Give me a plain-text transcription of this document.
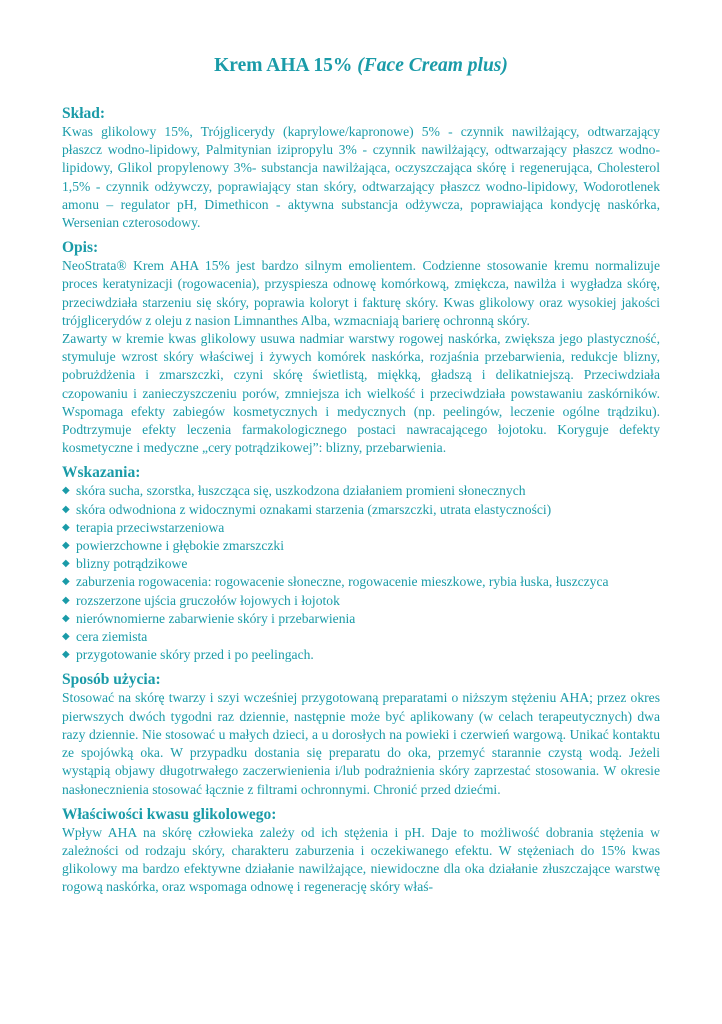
Krem AHA 15% (Face Cream plus)
Skład:

Kwas glikolowy 15%, Trójglicerydy (kaprylowe/kapronowe) 5% - czynnik nawilżający, odtwarzający płaszcz wodno-lipidowy, Palmitynian izipropylu 3% - czynnik nawilżający, odtwarzający płaszcz wodno-lipidowy, Glikol propylenowy 3%- substancja nawilżająca, oczyszczająca skórę i regenerująca, Cholesterol 1,5% - czynnik odżywczy, poprawiający stan skóry, odtwarzający płaszcz wodno-lipidowy, Wodorotlenek amonu – regulator pH, Dimethicon - aktywna substancja odżywcza, poprawiająca kondycję naskórka, Wersenian czterosodowy.

Opis:

NeoStrata® Krem AHA 15% jest bardzo silnym emolientem. Codzienne stosowanie kremu normalizuje proces keratynizacji (rogowacenia), przyspiesza odnowę komórkową, zmiękcza, nawilża i wygładza skórę, przeciwdziała starzeniu się skóry, poprawia koloryt i fakturę skóry. Kwas glikolowy oraz wysokiej jakości trójglicerydów z oleju z nasion Limnanthes Alba, wzmacniają barierę ochronną skóry.

Zawarty w kremie kwas glikolowy usuwa nadmiar warstwy rogowej naskórka, zwiększa jego plastyczność, stymuluje wzrost skóry właściwej i żywych komórek naskórka, rozjaśnia przebarwienia, redukcje blizny, pobrużdżenia i zmarszczki, czyni skórę świetlistą, miękką, gładszą i delikatniejszą. Przeciwdziała czopowaniu i zanieczyszczeniu porów, zmniejsza ich wielkość i przeciwdziała powstawaniu zaskórników. Wspomaga efekty zabiegów kosmetycznych i medycznych (np. peelingów, leczenie ogólne trądziku). Podtrzymuje efekty leczenia farmakologicznego postaci nawracającego łojotoku. Koryguje defekty kosmetyczne i medyczne „cery potrądzikowej”: blizny, przebarwienia.

Wskazania:
◆ skóra sucha, szorstka, łuszcząca się, uszkodzona działaniem promieni słonecznych
◆ skóra odwodniona z widocznymi oznakami starzenia (zmarszczki, utrata elastyczności)
◆ terapia przeciwstarzeniowa
◆ powierzchowne i głębokie zmarszczki
◆ blizny potrądzikowe
◆ zaburzenia rogowacenia: rogowacenie słoneczne, rogowacenie mieszkowe, rybia łuska, łuszczyca
◆ rozszerzone ujścia gruczołów łojowych i łojotok
◆ nierównomierne zabarwienie skóry i przebarwienia
◆ cera ziemista
◆ przygotowanie skóry przed i po peelingach.
Sposób użycia:

Stosować na skórę twarzy i szyi wcześniej przygotowaną preparatami o niższym stężeniu AHA; przez okres pierwszych dwóch tygodni raz dziennie, następnie może być aplikowany (w celach terapeutycznych) dwa razy dziennie. Nie stosować u małych dzieci, a u dorosłych na powieki i czerwień wargową. Unikać kontaktu ze spojówką oka. W przypadku dostania się preparatu do oka, przemyć starannie czystą wodą. Jeżeli wystąpią objawy długotrwałego zaczerwienienia i/lub podrażnienia skóry zaprzestać stosowania. W okresie nasłonecznienia stosować łącznie z filtrami ochronnymi. Chronić przed dziećmi.

Właściwości kwasu glikolowego:

Wpływ AHA na skórę człowieka zależy od ich stężenia i pH. Daje to możliwość dobrania stężenia w zależności od rodzaju skóry, charakteru zaburzenia i oczekiwanego efektu. W stężeniach do 15% kwas glikolowy ma bardzo efektywne działanie nawilżające, niewidoczne dla oka działanie złuszczające warstwę rogową naskórka, oraz wspomaga odnowę i regenerację skóry właś-
